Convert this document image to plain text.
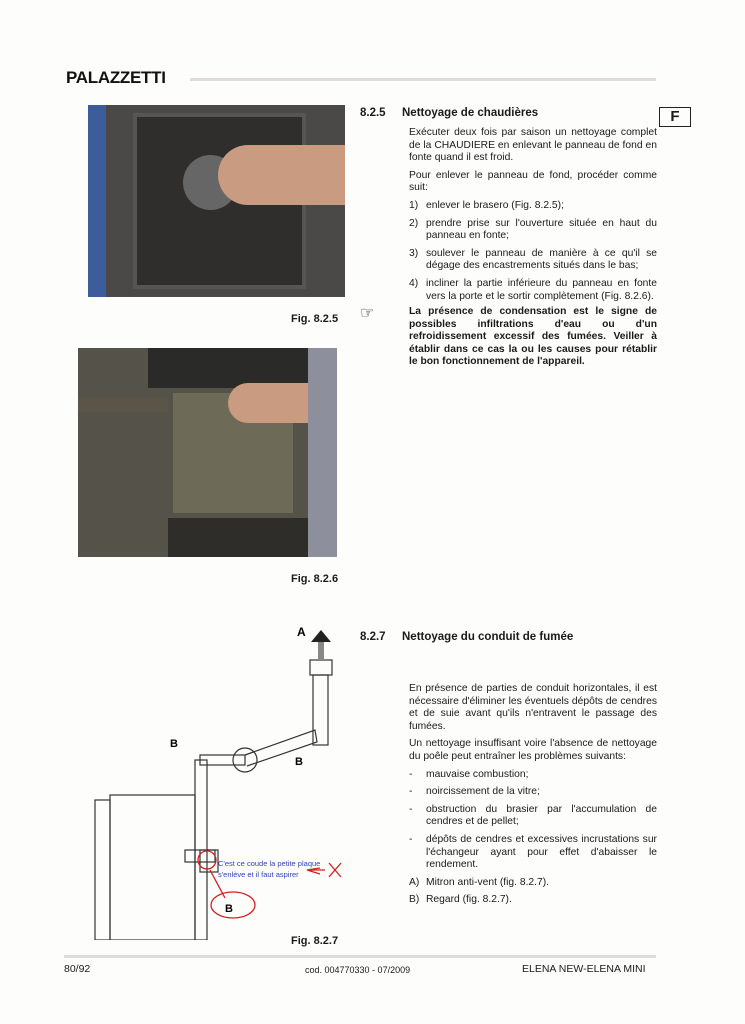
PALAZZETTI
Fig. 8.2.5
Fig. 8.2.6
A
B
B
B
C'est ce coude la petite plaque s'enlève et il faut aspirer
Fig. 8.2.7
8.2.5 Nettoyage de chaudières	F

Exécuter deux fois par saison un nettoyage complet de la CHAUDIERE en enlevant le panneau de fond en fonte quand il est froid.

Pour enlever le panneau de fond, procéder comme suit:

1) enlever le brasero (Fig. 8.2.5);
2) prendre prise sur l'ouverture située en haut du panneau en fonte;
3) soulever le panneau de manière à ce qu'il se dégage des encastrements situés dans le bas;
4) incliner la partie inférieure du panneau en fonte vers la porte et le sortir complètement (Fig. 8.2.6).
☞	La présence de condensation est le signe de possibles infiltrations d'eau ou d'un refroidissement excessif des fumées. Veiller à établir dans ce cas la ou les causes pour rétablir le bon fonctionnement de l'appareil.
8.2.7 Nettoyage du conduit de fumée

En présence de parties de conduit horizontales, il est nécessaire d'éliminer les éventuels dépôts de cendres et de suie avant qu'ils n'entravent le passage des fumées.

Un nettoyage insuffisant voire l'absence de nettoyage du poêle peut entraîner les problèmes suivants:

-	mauvaise combustion;
-	noircissement de la vitre;
-	obstruction du brasier par l'accumulation de cendres et de pellet;
-	dépôts de cendres et excessives incrustations sur l'échangeur ayant pour effet d'abaisser le rendement.
A) Mitron anti-vent (fig. 8.2.7).
B) Regard (fig. 8.2.7).
80/92	cod. 004770330 - 07/2009	ELENA NEW-ELENA MINI
